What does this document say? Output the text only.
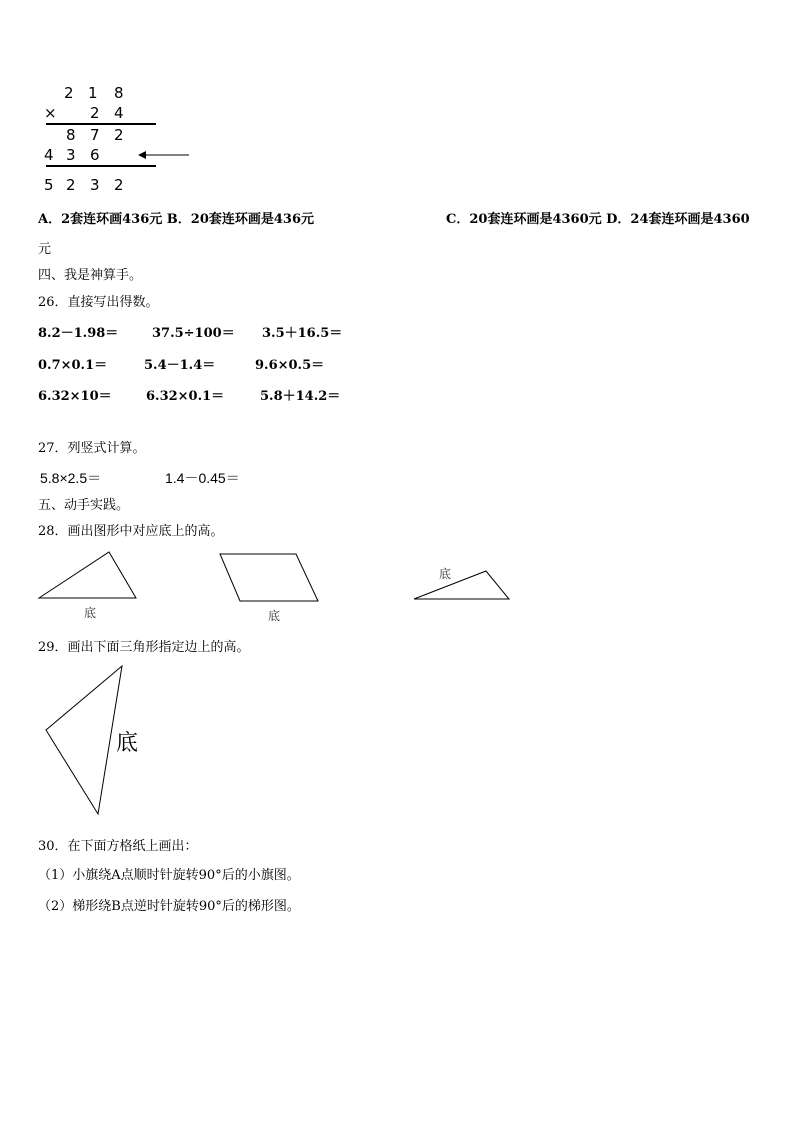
2 1 8
× 2 4
8 7 2
4 3 6
5 2 3 2
A．2套连环画436元 B．20套连环画是436元	C．20套连环画是4360元 D．24套连环画是4360
元
四、我是神算手。
26．直接写出得数。
8.2－1.98＝	37.5÷100＝ 3.5＋16.5＝
0.7×0.1＝	5.4－1.4＝	9.6×0.5＝
6.32×10＝	6.32×0.1＝	5.8＋14.2＝
27．列竖式计算。
5.8×2.5＝	1.4－0.45＝
五、动手实践。
28．画出图形中对应底上的高。
底	底
底
29．画出下面三角形指定边上的高。
底
30．在下面方格纸上画出：
（1）小旗绕A点顺时针旋转90°后的小旗图。
（2）梯形绕B点逆时针旋转90°后的梯形图。
